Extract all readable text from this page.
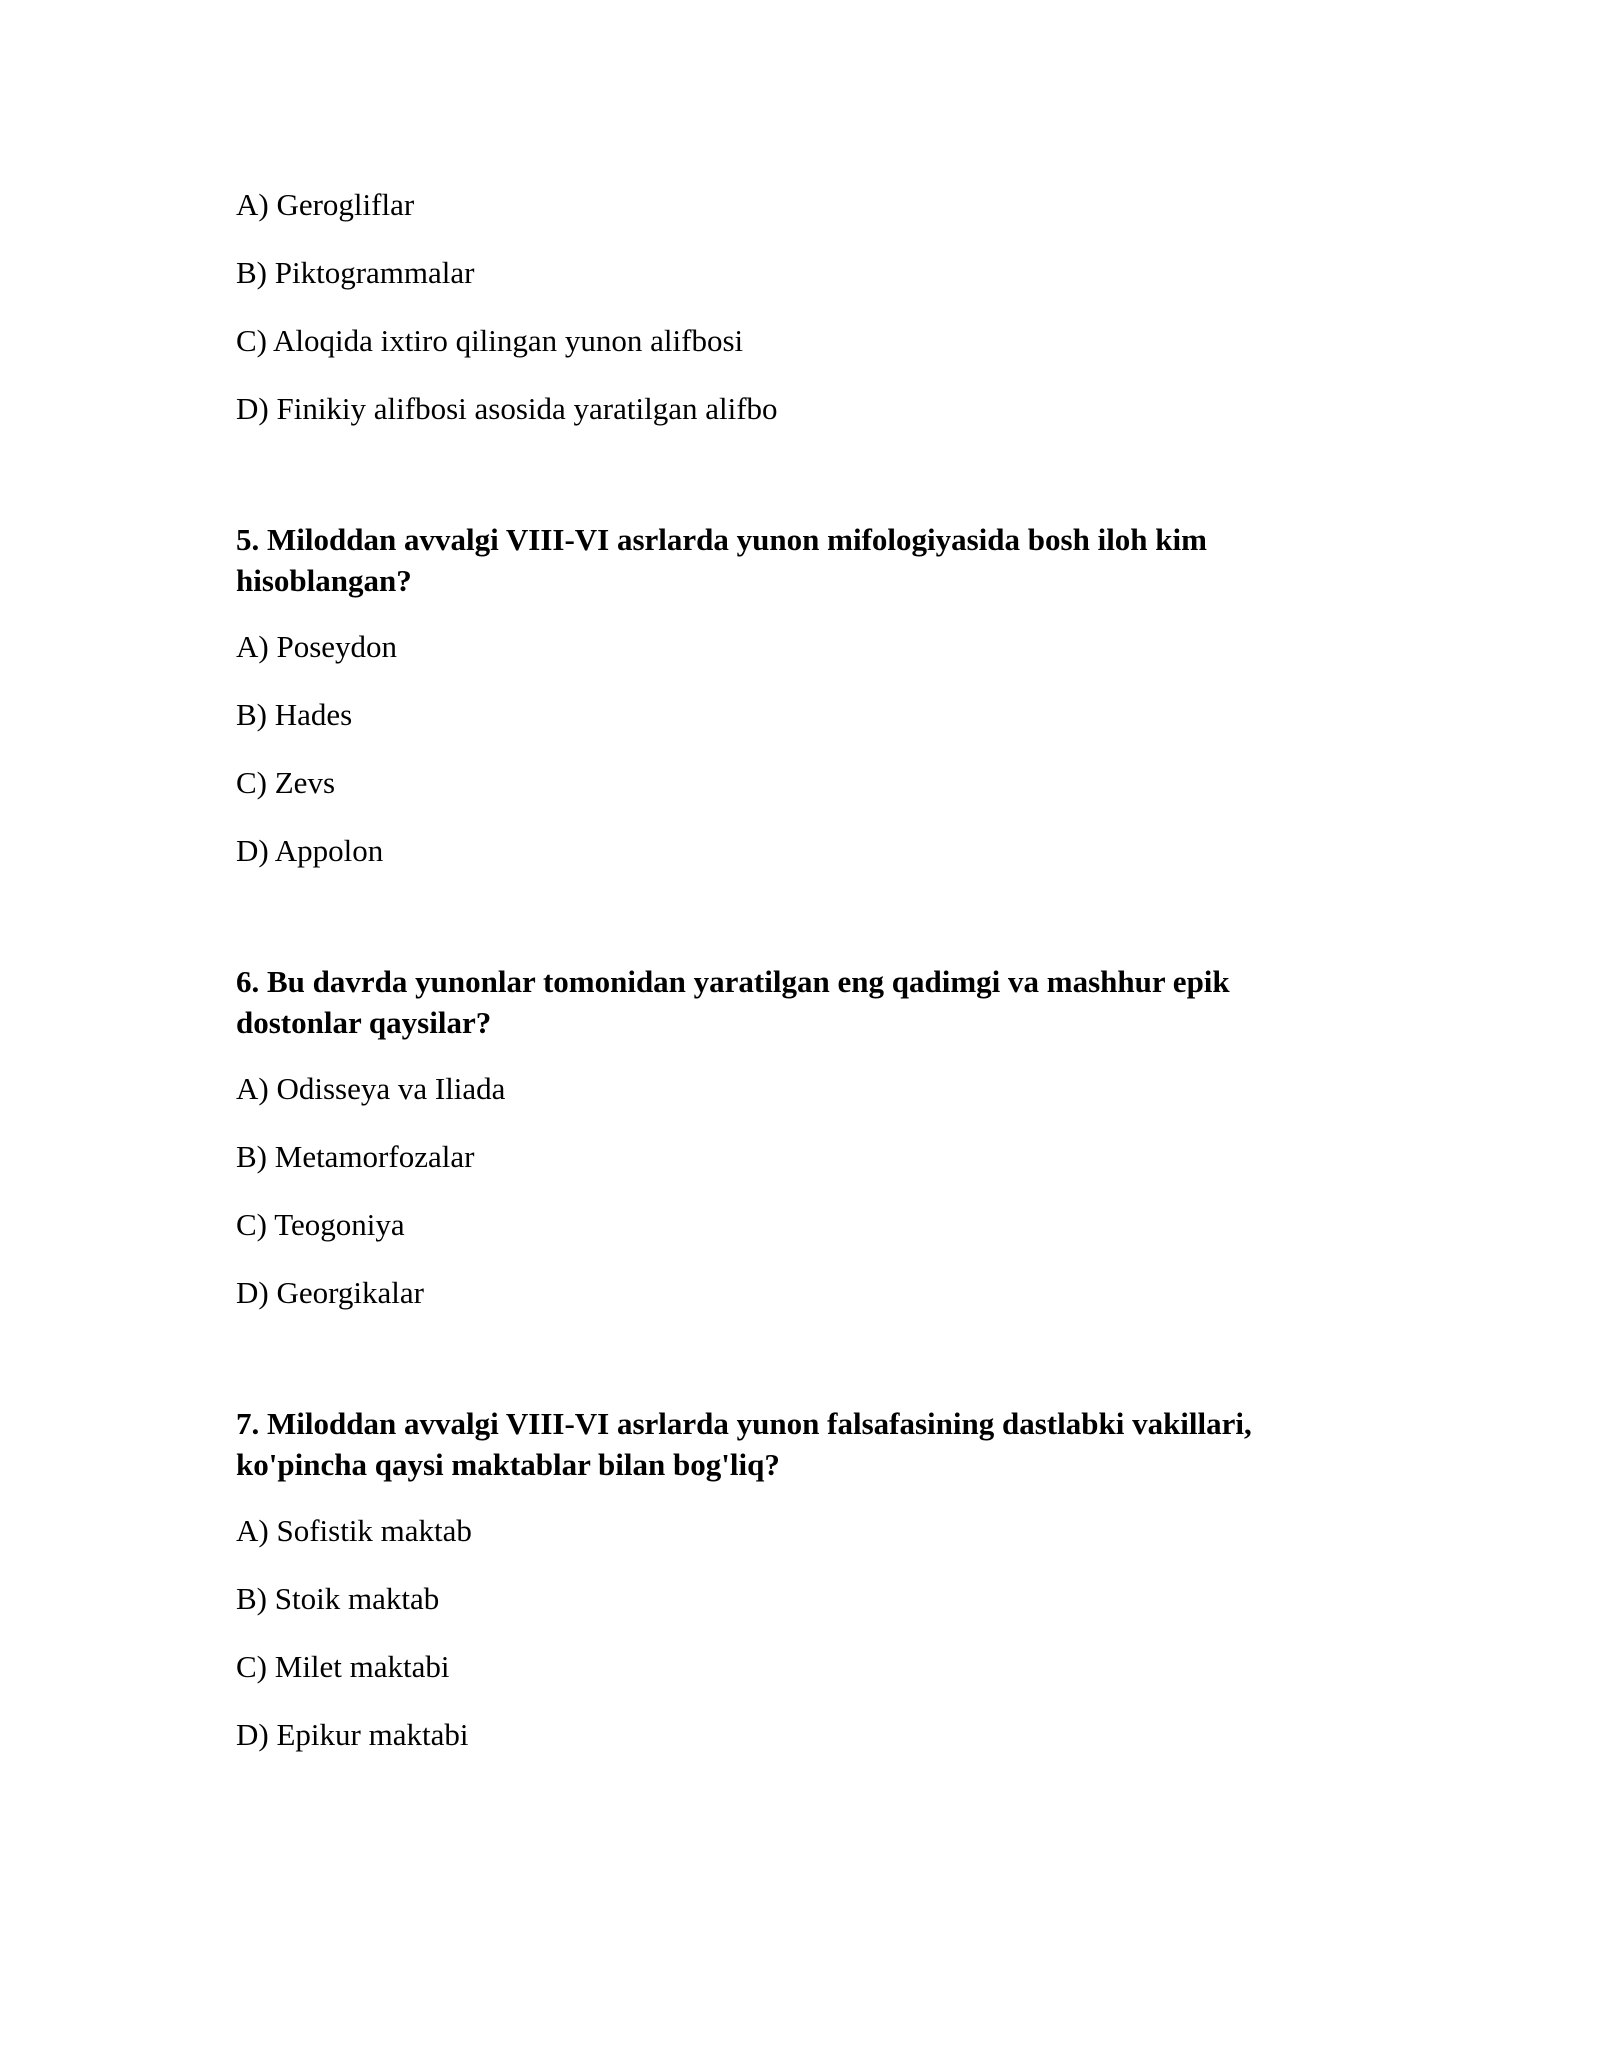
A) Gerogliflar
B) Piktogrammalar
C) Aloqida ixtiro qilingan yunon alifbosi
D) Finikiy alifbosi asosida yaratilgan alifbo
5. Miloddan avvalgi VIII-VI asrlarda yunon mifologiyasida bosh iloh kim hisoblangan?
A) Poseydon
B) Hades
C) Zevs
D) Appolon
6. Bu davrda yunonlar tomonidan yaratilgan eng qadimgi va mashhur epik dostonlar qaysilar?
A) Odisseya va Iliada
B) Metamorfozalar
C) Teogoniya
D) Georgikalar
7. Miloddan avvalgi VIII-VI asrlarda yunon falsafasining dastlabki vakillari, ko'pincha qaysi maktablar bilan bog'liq?
A) Sofistik maktab
B) Stoik maktab
C) Milet maktabi
D) Epikur maktabi
